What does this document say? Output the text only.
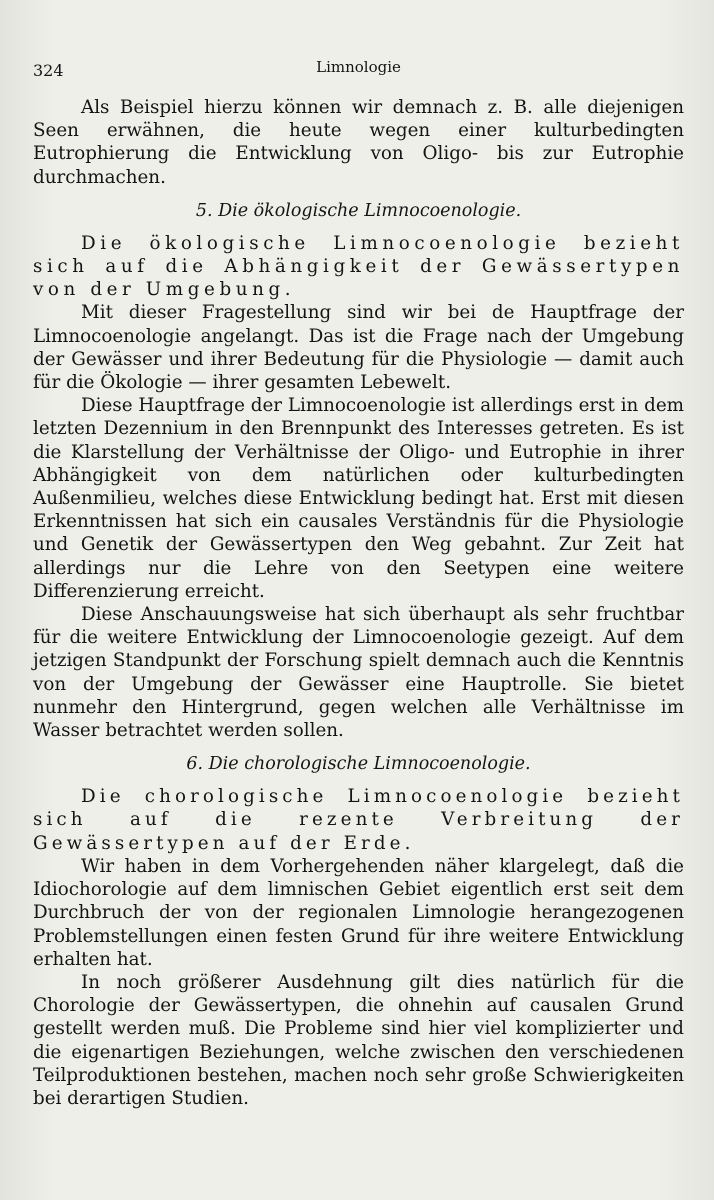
324	Limnologie

Als Beispiel hierzu können wir demnach z. B. alle diejenigen Seen erwähnen, die heute wegen einer kulturbedingten Eutrophierung die Entwicklung von Oligo- bis zur Eutrophie durchmachen.

5. Die ökologische Limnocoenologie.

Die ökologische Limnocoenologie bezieht sich auf die Abhängigkeit der Gewässertypen von der Umgebung.

Mit dieser Fragestellung sind wir bei de Hauptfrage der Limnocoenologie angelangt. Das ist die Frage nach der Umgebung der Gewässer und ihrer Bedeutung für die Physiologie — damit auch für die Ökologie — ihrer gesamten Lebewelt.

Diese Hauptfrage der Limnocoenologie ist allerdings erst in dem letzten Dezennium in den Brennpunkt des Interesses getreten. Es ist die Klarstellung der Verhältnisse der Oligo- und Eutrophie in ihrer Abhängigkeit von dem natürlichen oder kulturbedingten Außenmilieu, welches diese Entwicklung bedingt hat. Erst mit diesen Erkenntnissen hat sich ein causales Verständnis für die Physiologie und Genetik der Gewässertypen den Weg gebahnt. Zur Zeit hat allerdings nur die Lehre von den Seetypen eine weitere Differenzierung erreicht.

Diese Anschauungsweise hat sich überhaupt als sehr fruchtbar für die weitere Entwicklung der Limnocoenologie gezeigt. Auf dem jetzigen Standpunkt der Forschung spielt demnach auch die Kenntnis von der Umgebung der Gewässer eine Hauptrolle. Sie bietet nunmehr den Hintergrund, gegen welchen alle Verhältnisse im Wasser betrachtet werden sollen.

6. Die chorologische Limnocoenologie.

Die chorologische Limnocoenologie bezieht sich auf die rezente Verbreitung der Gewässertypen auf der Erde.

Wir haben in dem Vorhergehenden näher klargelegt, daß die Idiochorologie auf dem limnischen Gebiet eigentlich erst seit dem Durchbruch der von der regionalen Limnologie herangezogenen Problemstellungen einen festen Grund für ihre weitere Entwicklung erhalten hat.

In noch größerer Ausdehnung gilt dies natürlich für die Chorologie der Gewässertypen, die ohnehin auf causalen Grund gestellt werden muß. Die Probleme sind hier viel komplizierter und die eigenartigen Beziehungen, welche zwischen den verschiedenen Teilproduktionen bestehen, machen noch sehr große Schwierigkeiten bei derartigen Studien.
